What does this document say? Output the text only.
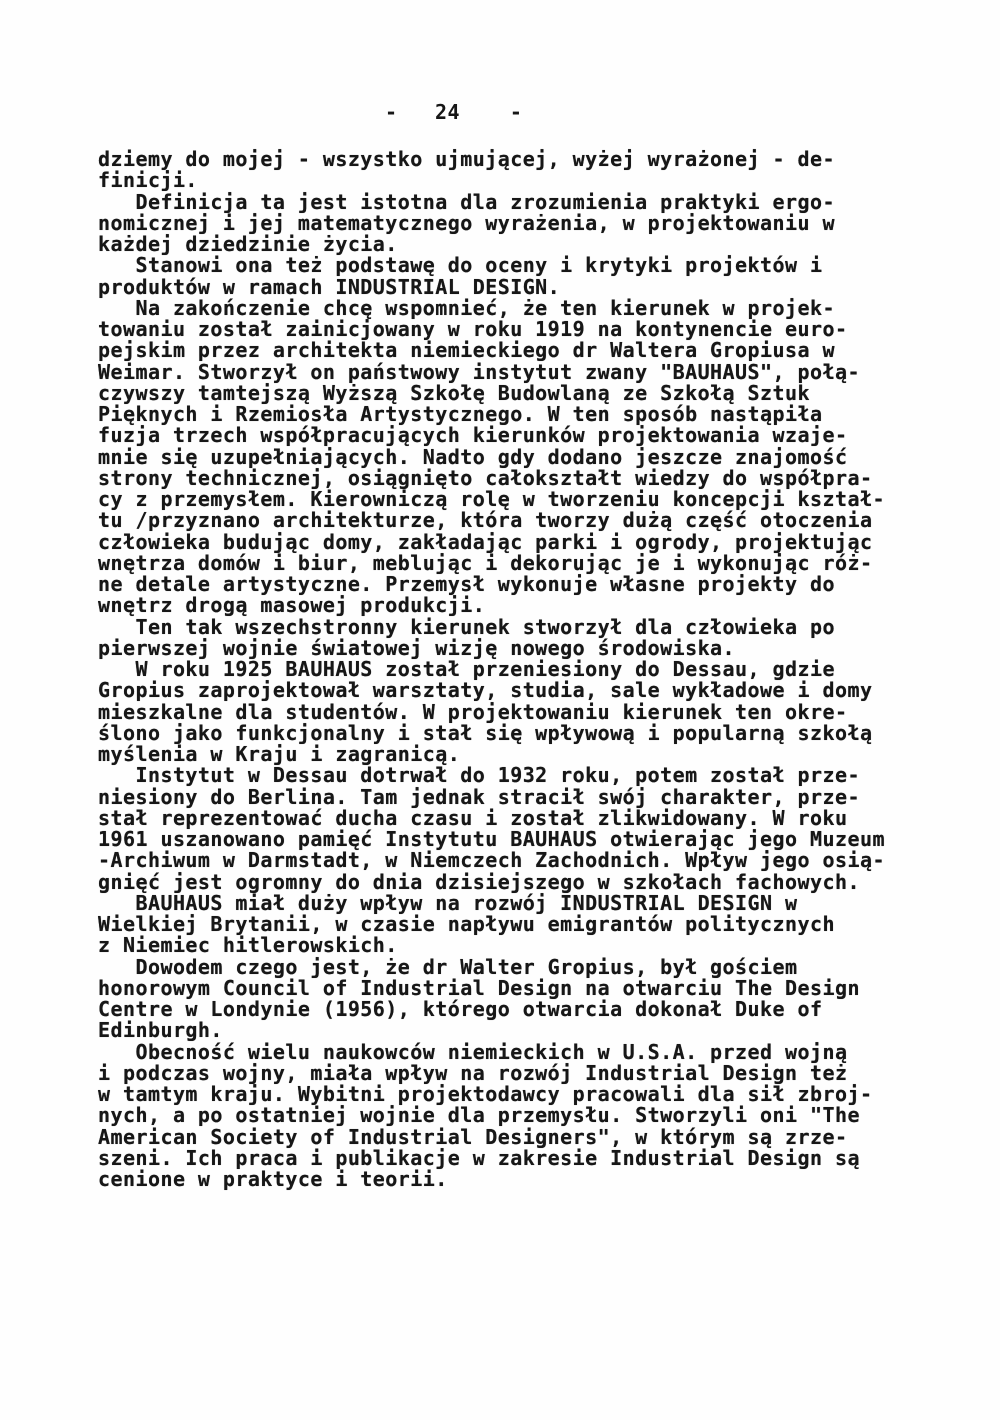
-   24    -
dziemy do mojej - wszystko ujmującej, wyżej wyrażonej - de-
finicji.
Definicja ta jest istotna dla zrozumienia praktyki ergo-
nomicznej i jej matematycznego wyrażenia, w projektowaniu w
każdej dziedzinie życia.
Stanowi ona też podstawę do oceny i krytyki projektów i
produktów w ramach INDUSTRIAL DESIGN.
Na zakończenie chcę wspomnieć, że ten kierunek w projek-
towaniu został zainicjowany w roku 1919 na kontynencie euro-
pejskim przez architekta niemieckiego dr Waltera Gropiusa w
Weimar. Stworzył on państwowy instytut zwany "BAUHAUS", połą-
czywszy tamtejszą Wyższą Szkołę Budowlaną ze Szkołą Sztuk
Pięknych i Rzemiosła Artystycznego. W ten sposób nastąpiła
fuzja trzech współpracujących kierunków projektowania wzaje-
mnie się uzupełniających. Nadto gdy dodano jeszcze znajomość
strony technicznej, osiągnięto całokształt wiedzy do współpra-
cy z przemysłem. Kierowniczą rolę w tworzeniu koncepcji kształ-
tu /przyznano architekturze, która tworzy dużą część otoczenia
człowieka budując domy, zakładając parki i ogrody, projektując
wnętrza domów i biur, meblując i dekorując je i wykonując róż-
ne detale artystyczne. Przemysł wykonuje własne projekty do
wnętrz drogą masowej produkcji.
Ten tak wszechstronny kierunek stworzył dla człowieka po
pierwszej wojnie światowej wizję nowego środowiska.
W roku 1925 BAUHAUS został przeniesiony do Dessau, gdzie
Gropius zaprojektował warsztaty, studia, sale wykładowe i domy
mieszkalne dla studentów. W projektowaniu kierunek ten okre-
ślono jako funkcjonalny i stał się wpływową i popularną szkołą
myślenia w Kraju i zagranicą.
Instytut w Dessau dotrwał do 1932 roku, potem został prze-
niesiony do Berlina. Tam jednak stracił swój charakter, prze-
stał reprezentować ducha czasu i został zlikwidowany. W roku
1961 uszanowano pamięć Instytutu BAUHAUS otwierając jego Muzeum
-Archiwum w Darmstadt, w Niemczech Zachodnich. Wpływ jego osią-
gnięć jest ogromny do dnia dzisiejszego w szkołach fachowych.
BAUHAUS miał duży wpływ na rozwój INDUSTRIAL DESIGN w
Wielkiej Brytanii, w czasie napływu emigrantów politycznych
z Niemiec hitlerowskich.
Dowodem czego jest, że dr Walter Gropius, był gościem
honorowym Council of Industrial Design na otwarciu The Design
Centre w Londynie (1956), którego otwarcia dokonał Duke of
Edinburgh.
Obecność wielu naukowców niemieckich w U.S.A. przed wojną
i podczas wojny, miała wpływ na rozwój Industrial Design też
w tamtym kraju. Wybitni projektodawcy pracowali dla sił zbroj-
nych, a po ostatniej wojnie dla przemysłu. Stworzyli oni "The
American Society of Industrial Designers", w którym są zrze-
szeni. Ich praca i publikacje w zakresie Industrial Design są
cenione w praktyce i teorii.
